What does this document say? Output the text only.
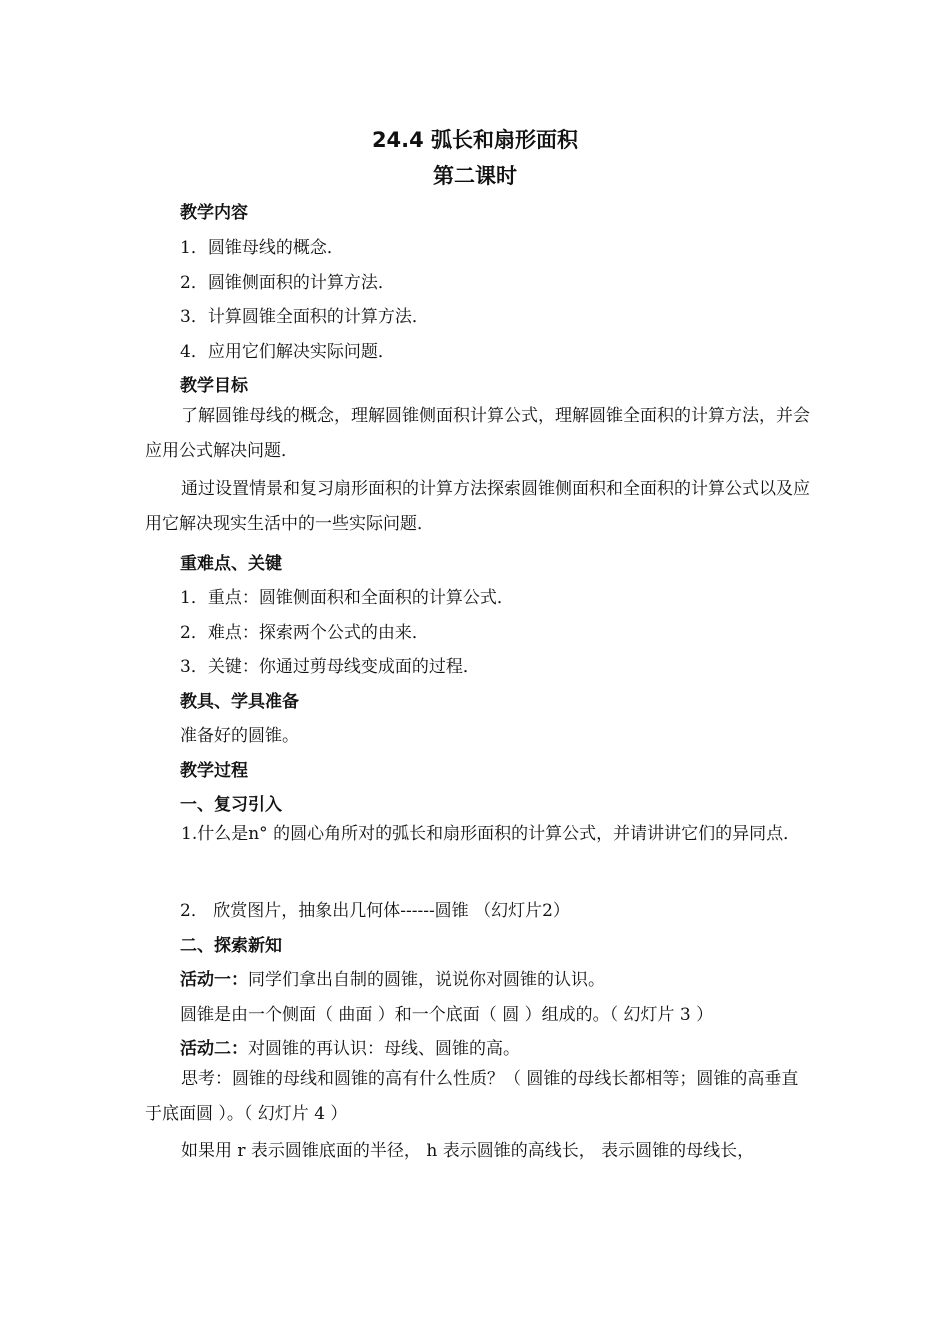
24.4 弧长和扇形面积
第二课时
教学内容
1．圆锥母线的概念．
2．圆锥侧面积的计算方法．
3．计算圆锥全面积的计算方法．
4．应用它们解决实际问题．
教学目标
了解圆锥母线的概念，理解圆锥侧面积计算公式，理解圆锥全面积的计算方法，并会应用公式解决问题．
通过设置情景和复习扇形面积的计算方法探索圆锥侧面积和全面积的计算公式以及应用它解决现实生活中的一些实际问题．
重难点、关键
1．重点：圆锥侧面积和全面积的计算公式．
2．难点：探索两个公式的由来．
3．关键：你通过剪母线变成面的过程．
教具、学具准备
准备好的圆锥。
教学过程
一、复习引入
1.什么是n° 的圆心角所对的弧长和扇形面积的计算公式，并请讲讲它们的异同点．
2． 欣赏图片，抽象出几何体------圆锥 （幻灯片2）
二、探索新知
活动一：同学们拿出自制的圆锥，说说你对圆锥的认识。
圆锥是由一个侧面（ 曲面 ）和一个底面（ 圆 ）组成的。（ 幻灯片 3 ）
活动二：对圆锥的再认识：母线、圆锥的高。
思考：圆锥的母线和圆锥的高有什么性质？（ 圆锥的母线长都相等；圆锥的高垂直于底面圆 ）。（ 幻灯片 4 ）
如果用 r 表示圆锥底面的半径， h 表示圆锥的高线长， 表示圆锥的母线长，
